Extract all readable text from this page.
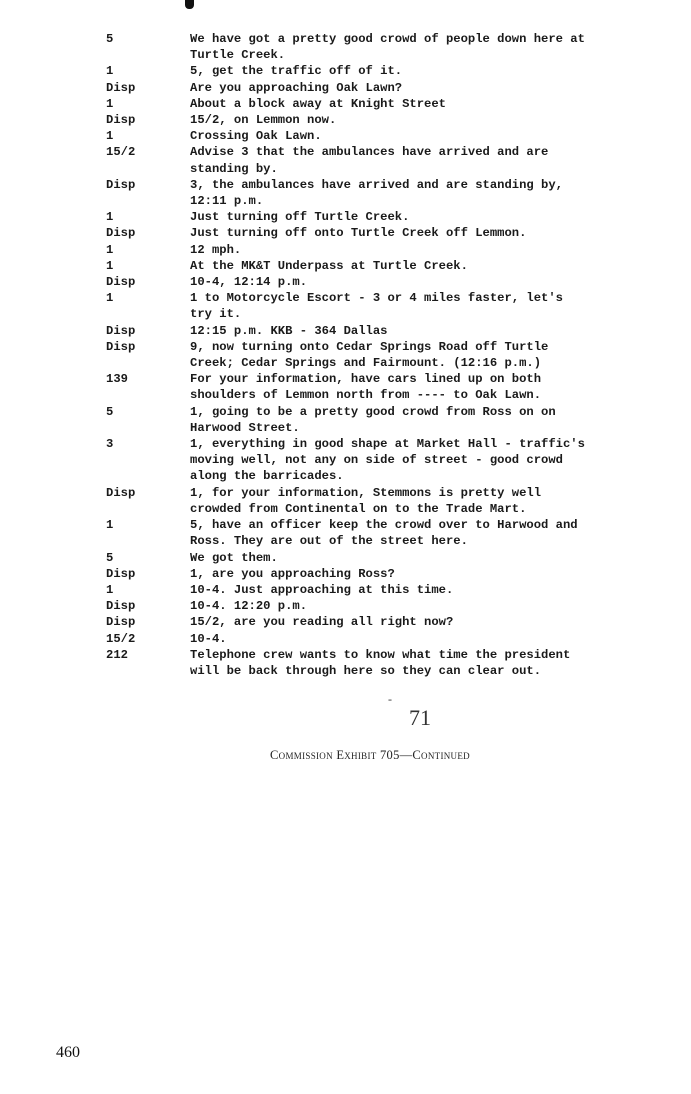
5	We have got a pretty good crowd of people down here at
Turtle Creek.
1	5, get the traffic off of it.
Disp	Are you approaching Oak Lawn?
1	About a block away at Knight Street
Disp	15/2, on Lemmon now.
1	Crossing Oak Lawn.
15/2	Advise 3 that the ambulances have arrived and are
standing by.
Disp	3, the ambulances have arrived and are standing by,
12:11 p.m.
1	Just turning off Turtle Creek.
Disp	Just turning off onto Turtle Creek off Lemmon.
1	12 mph.
1	At the MK&T Underpass at Turtle Creek.
Disp	10-4, 12:14 p.m.
1	1 to Motorcycle Escort - 3 or 4 miles faster, let's
try it.
Disp	12:15 p.m. KKB - 364 Dallas
Disp	9, now turning onto Cedar Springs Road off Turtle
Creek; Cedar Springs and Fairmount. (12:16 p.m.)
139	For your information, have cars lined up on both
shoulders of Lemmon north from ---- to Oak Lawn.
5	1, going to be a pretty good crowd from Ross on on
Harwood Street.
3	1, everything in good shape at Market Hall - traffic's
moving well, not any on side of street - good crowd
along the barricades.
Disp	1, for your information, Stemmons is pretty well
crowded from Continental on to the Trade Mart.
1	5, have an officer keep the crowd over to Harwood and
Ross. They are out of the street here.
5	We got them.
Disp	1, are you approaching Ross?
1	10-4. Just approaching at this time.
Disp	10-4. 12:20 p.m.
Disp	15/2, are you reading all right now?
15/2	10-4.
212	Telephone crew wants to know what time the president
will be back through here so they can clear out.
-
71
Commission Exhibit 705—Continued
460
